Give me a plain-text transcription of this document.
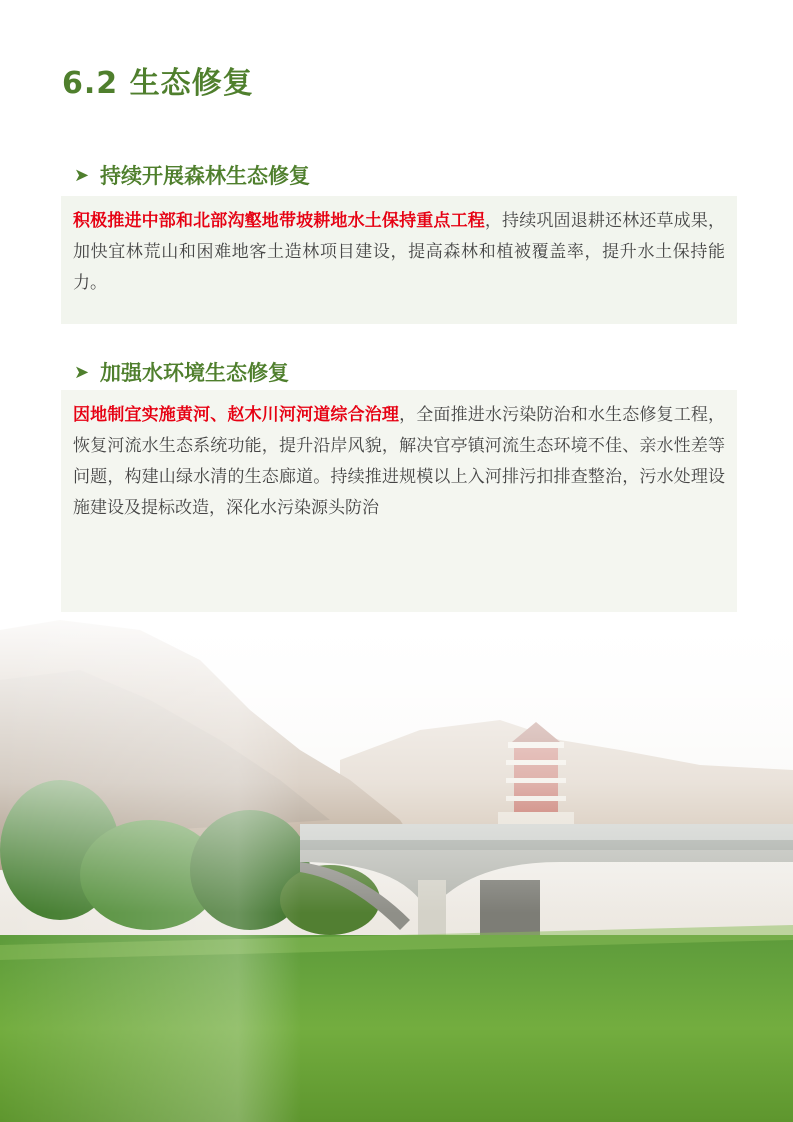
6.2 生态修复
➤ 持续开展森林生态修复

积极推进中部和北部沟壑地带坡耕地水土保持重点工程，持续巩固退耕还林还草成果，加快宜林荒山和困难地客土造林项目建设，提高森林和植被覆盖率，提升水土保持能力。

➤ 加强水环境生态修复

因地制宜实施黄河、赵木川河河道综合治理，全面推进水污染防治和水生态修复工程，恢复河流水生态系统功能，提升沿岸风貌，解决官亭镇河流生态环境不佳、亲水性差等问题，构建山绿水清的生态廊道。持续推进规模以上入河排污扣排查整治，污水处理设施建设及提标改造，深化水污染源头防治
